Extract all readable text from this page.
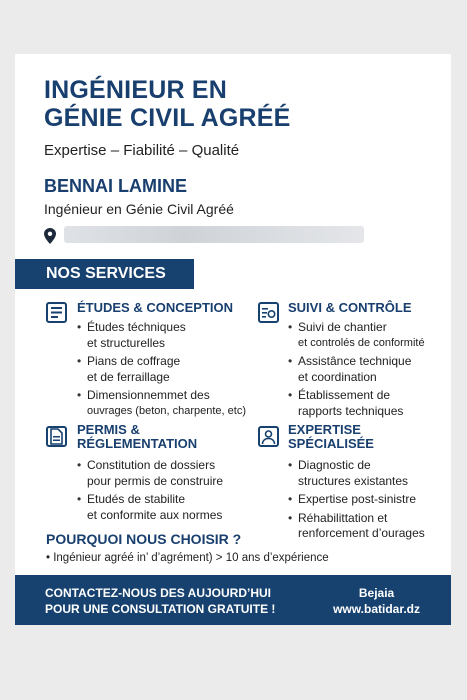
INGÉNIEUR EN
GÉNIE CIVIL AGRÉÉ
Expertise – Fiabilité – Qualité
BENNAI LAMINE
Ingénieur en Génie Civil Agréé
NOS SERVICES
ÉTUDES & CONCEPTION
• Études téchniques
et structurelles
• Pians de coffrage
et de ferraillage
• Dimensionnemmet des
ouvrages (beton, charpente, etc)
SUIVI & CONTRÔLE
• Suivi de chantier
et controlés de conformité
• Assistânce technique
et coordination
• Établissement de
rapports techniques
PERMIS &
RÉGLEMENTATION
• Constitution de dossiers
pour permis de construire
• Etudés de stabilite
et conformite aux normes
EXPERTISE
SPÉCIALISÉE
• Diagnostic de
structures existantes
• Expertise post-sinistre
• Réhabilittation et
renforcement d’ourages
POURQUOI NOUS CHOISIR ?
• Ingénieur agréé in’ d’agrément) > 10 ans d’expérience
CONTACTEZ-NOUS DES AUJOURD’HUI
POUR UNE CONSULTATION GRATUITE !
Bejaia
www.batidar.dz
